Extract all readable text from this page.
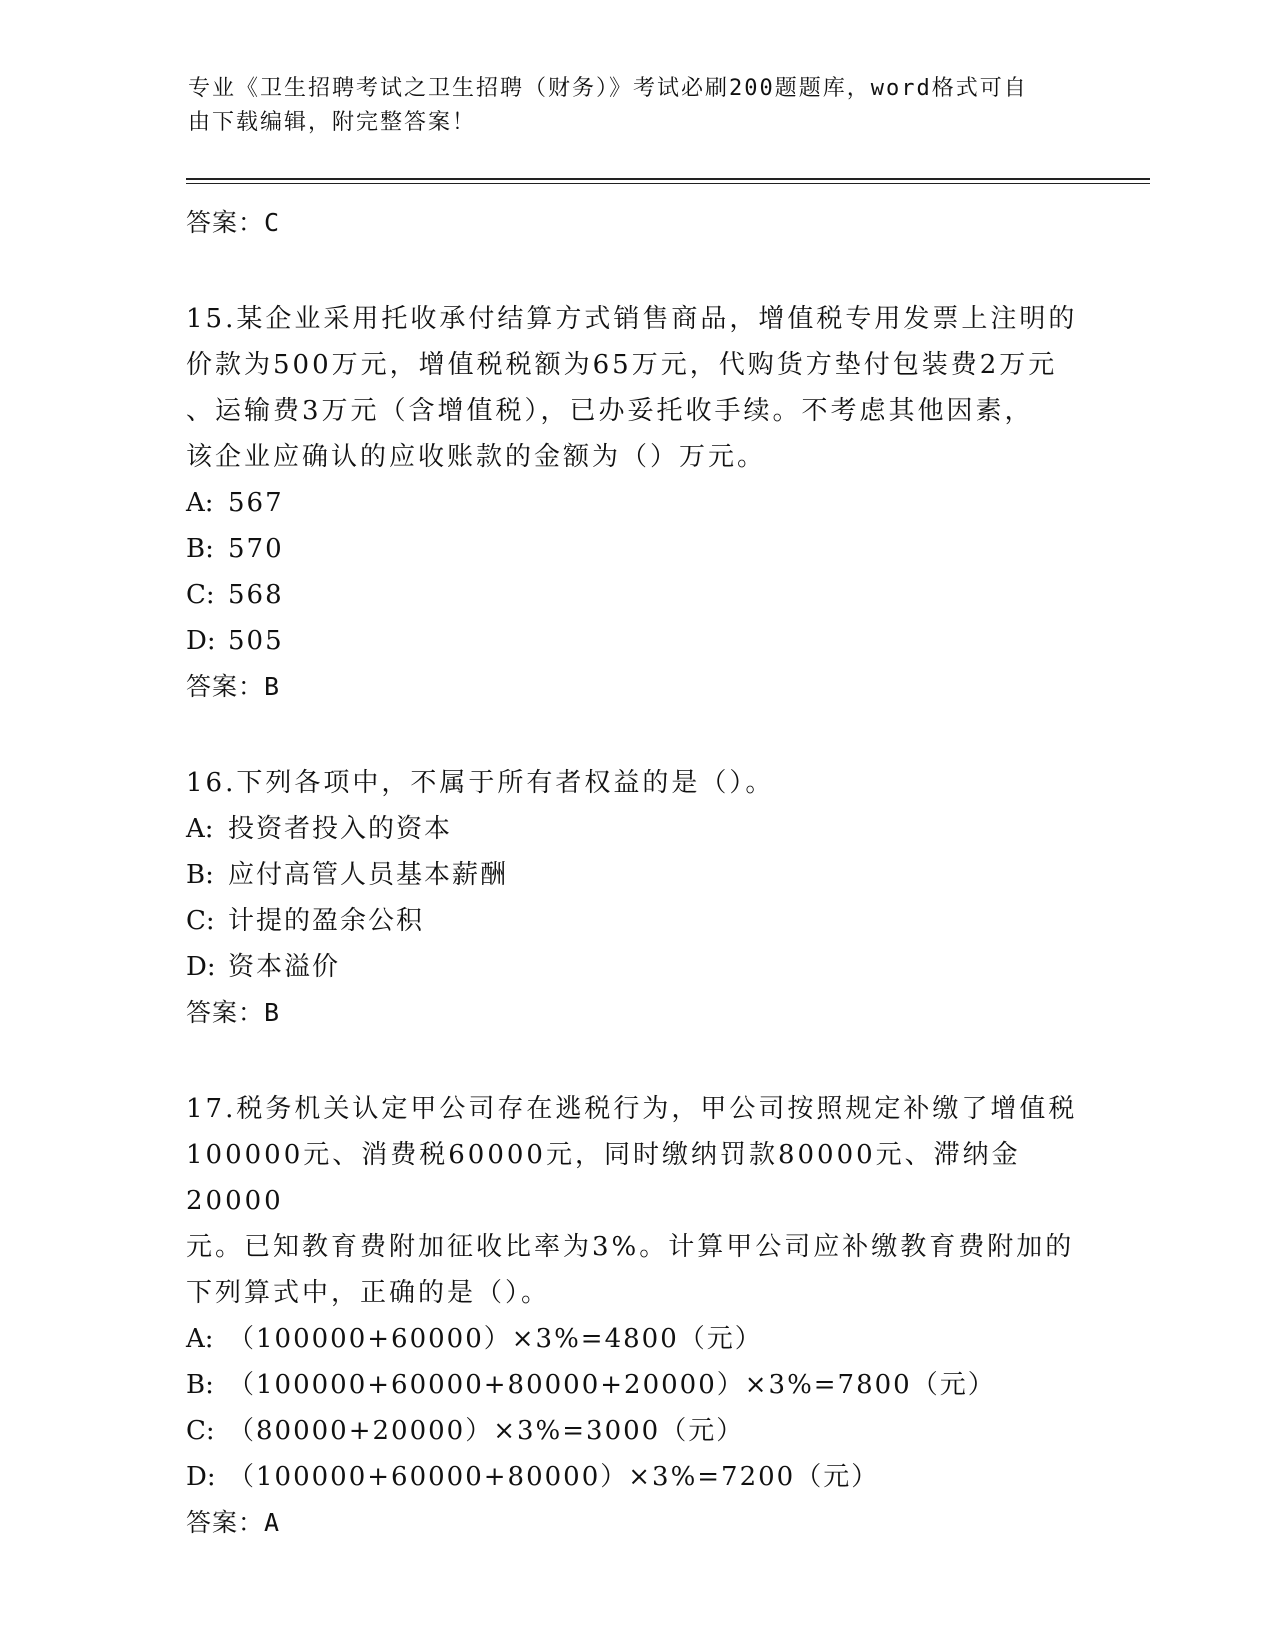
专业《卫生招聘考试之卫生招聘（财务）》考试必刷200题题库，word格式可自
由下载编辑，附完整答案！
答案：C
15.某企业采用托收承付结算方式销售商品，增值税专用发票上注明的
价款为500万元，增值税税额为65万元，代购货方垫付包装费2万元
、运输费3万元（含增值税），已办妥托收手续。不考虑其他因素，
该企业应确认的应收账款的金额为（）万元。
A: 567
B: 570
C: 568
D: 505
答案：B
16.下列各项中，不属于所有者权益的是（）。
A: 投资者投入的资本
B: 应付高管人员基本薪酬
C: 计提的盈余公积
D: 资本溢价
答案：B
17.税务机关认定甲公司存在逃税行为，甲公司按照规定补缴了增值税
100000元、消费税60000元，同时缴纳罚款80000元、滞纳金20000
元。已知教育费附加征收比率为3%。计算甲公司应补缴教育费附加的
下列算式中，正确的是（）。
A: （100000+60000）×3%=4800（元）
B: （100000+60000+80000+20000）×3%=7800（元）
C: （80000+20000）×3%=3000（元）
D: （100000+60000+80000）×3%=7200（元）
答案：A
